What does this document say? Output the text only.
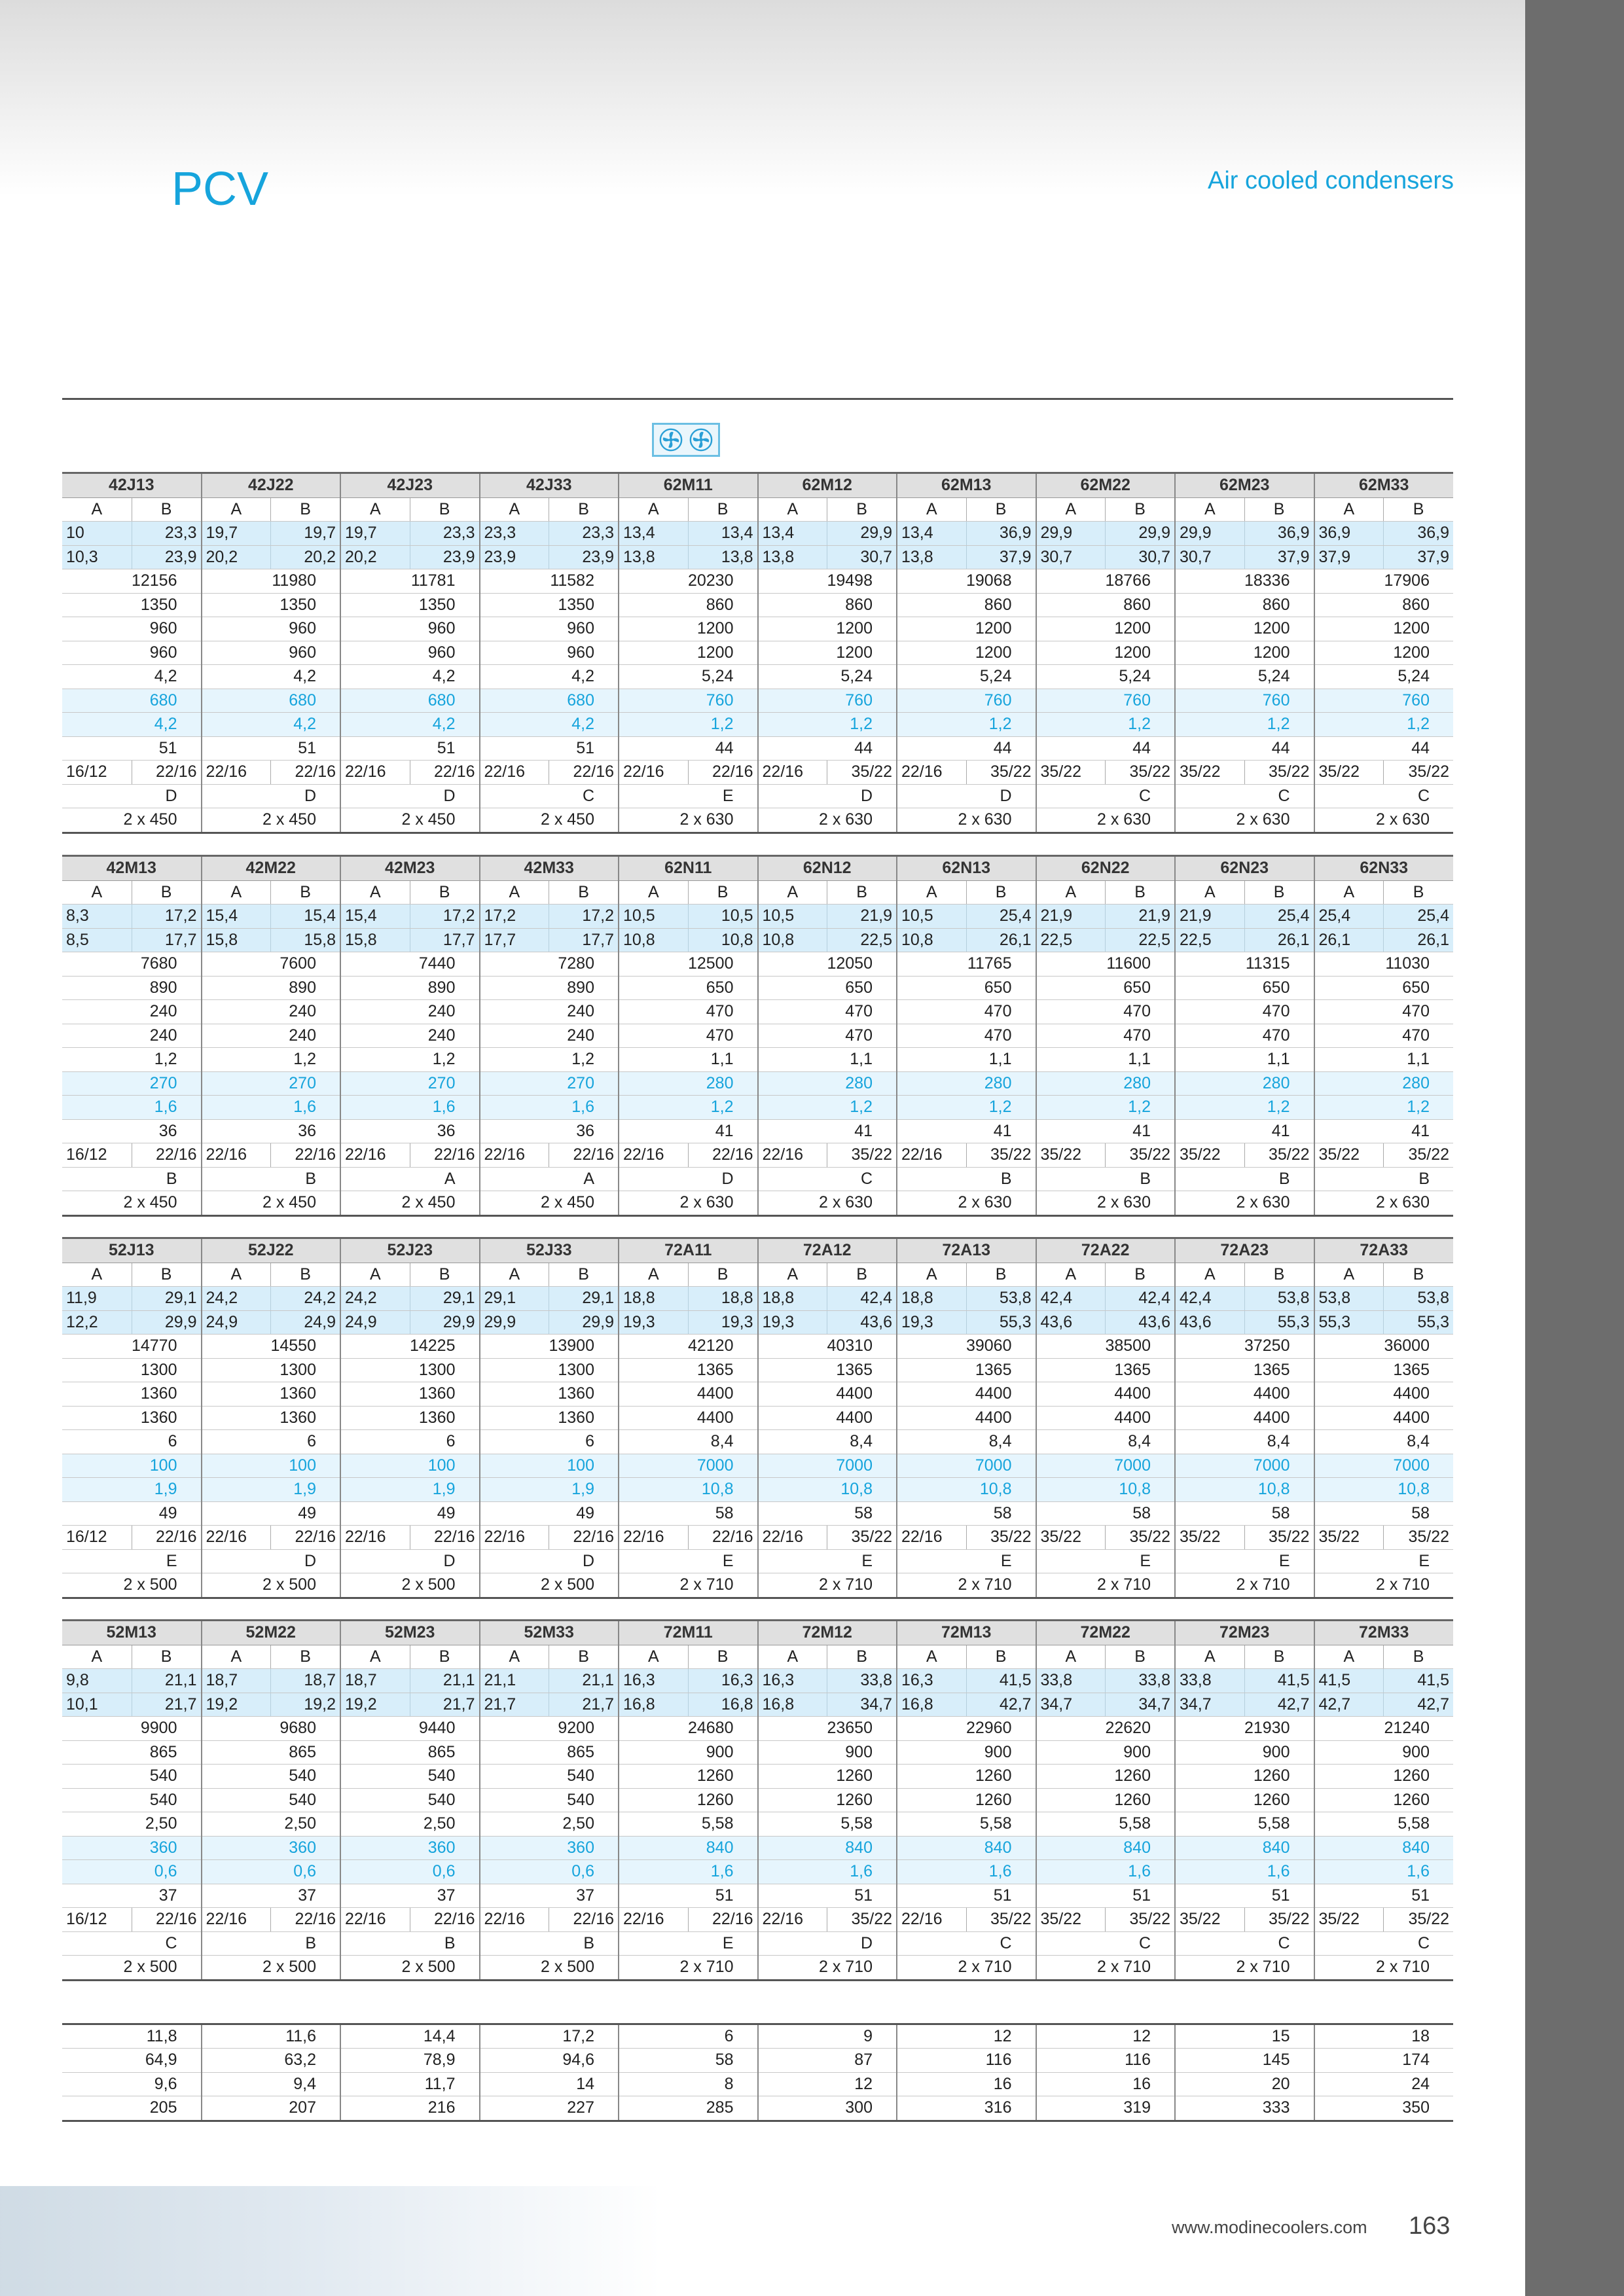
PCV	Air cooled condensers
42J13		42J22		42J23		42J33		62M11		62M12		62M13		62M22		62M23		62M33	
A	B	A	B	A	B	A	B	A	B	A	B	A	B	A	B	A	B	A	B
10	23,3	19,7	19,7	19,7	23,3	23,3	23,3	13,4	13,4	13,4	29,9	13,4	36,9	29,9	29,9	29,9	36,9	36,9	36,9
10,3	23,9	20,2	20,2	20,2	23,9	23,9	23,9	13,8	13,8	13,8	30,7	13,8	37,9	30,7	30,7	30,7	37,9	37,9	37,9
12156		11980		11781		11582		20230		19498		19068		18766		18336		17906	
1350		1350		1350		1350		860		860		860		860		860		860	
960		960		960		960		1200		1200		1200		1200		1200		1200	
960		960		960		960		1200		1200		1200		1200		1200		1200	
4,2		4,2		4,2		4,2		5,24		5,24		5,24		5,24		5,24		5,24	
680		680		680		680		760		760		760		760		760		760	
4,2		4,2		4,2		4,2		1,2		1,2		1,2		1,2		1,2		1,2	
51		51		51		51		44		44		44		44		44		44	
16/12	22/16	22/16	22/16	22/16	22/16	22/16	22/16	22/16	22/16	22/16	35/22	22/16	35/22	35/22	35/22	35/22	35/22	35/22	35/22
D		D		D		C		E		D		D		C		C		C	
2 x 450		2 x 450		2 x 450		2 x 450		2 x 630		2 x 630		2 x 630		2 x 630		2 x 630		2 x 630	
42M13		42M22		42M23		42M33		62N11		62N12		62N13		62N22		62N23		62N33	
A	B	A	B	A	B	A	B	A	B	A	B	A	B	A	B	A	B	A	B
8,3	17,2	15,4	15,4	15,4	17,2	17,2	17,2	10,5	10,5	10,5	21,9	10,5	25,4	21,9	21,9	21,9	25,4	25,4	25,4
8,5	17,7	15,8	15,8	15,8	17,7	17,7	17,7	10,8	10,8	10,8	22,5	10,8	26,1	22,5	22,5	22,5	26,1	26,1	26,1
7680		7600		7440		7280		12500		12050		11765		11600		11315		11030	
890		890		890		890		650		650		650		650		650		650	
240		240		240		240		470		470		470		470		470		470	
240		240		240		240		470		470		470		470		470		470	
1,2		1,2		1,2		1,2		1,1		1,1		1,1		1,1		1,1		1,1	
270		270		270		270		280		280		280		280		280		280	
1,6		1,6		1,6		1,6		1,2		1,2		1,2		1,2		1,2		1,2	
36		36		36		36		41		41		41		41		41		41	
16/12	22/16	22/16	22/16	22/16	22/16	22/16	22/16	22/16	22/16	22/16	35/22	22/16	35/22	35/22	35/22	35/22	35/22	35/22	35/22
B		B		A		A		D		C		B		B		B		B	
2 x 450		2 x 450		2 x 450		2 x 450		2 x 630		2 x 630		2 x 630		2 x 630		2 x 630		2 x 630	
52J13		52J22		52J23		52J33		72A11		72A12		72A13		72A22		72A23		72A33	
A	B	A	B	A	B	A	B	A	B	A	B	A	B	A	B	A	B	A	B
11,9	29,1	24,2	24,2	24,2	29,1	29,1	29,1	18,8	18,8	18,8	42,4	18,8	53,8	42,4	42,4	42,4	53,8	53,8	53,8
12,2	29,9	24,9	24,9	24,9	29,9	29,9	29,9	19,3	19,3	19,3	43,6	19,3	55,3	43,6	43,6	43,6	55,3	55,3	55,3
14770		14550		14225		13900		42120		40310		39060		38500		37250		36000	
1300		1300		1300		1300		1365		1365		1365		1365		1365		1365	
1360		1360		1360		1360		4400		4400		4400		4400		4400		4400	
1360		1360		1360		1360		4400		4400		4400		4400		4400		4400	
6		6		6		6		8,4		8,4		8,4		8,4		8,4		8,4	
100		100		100		100		7000		7000		7000		7000		7000		7000	
1,9		1,9		1,9		1,9		10,8		10,8		10,8		10,8		10,8		10,8	
49		49		49		49		58		58		58		58		58		58	
16/12	22/16	22/16	22/16	22/16	22/16	22/16	22/16	22/16	22/16	22/16	35/22	22/16	35/22	35/22	35/22	35/22	35/22	35/22	35/22
E		D		D		D		E		E		E		E		E		E	
2 x 500		2 x 500		2 x 500		2 x 500		2 x 710		2 x 710		2 x 710		2 x 710		2 x 710		2 x 710	
52M13		52M22		52M23		52M33		72M11		72M12		72M13		72M22		72M23		72M33	
A	B	A	B	A	B	A	B	A	B	A	B	A	B	A	B	A	B	A	B
9,8	21,1	18,7	18,7	18,7	21,1	21,1	21,1	16,3	16,3	16,3	33,8	16,3	41,5	33,8	33,8	33,8	41,5	41,5	41,5
10,1	21,7	19,2	19,2	19,2	21,7	21,7	21,7	16,8	16,8	16,8	34,7	16,8	42,7	34,7	34,7	34,7	42,7	42,7	42,7
9900		9680		9440		9200		24680		23650		22960		22620		21930		21240	
865		865		865		865		900		900		900		900		900		900	
540		540		540		540		1260		1260		1260		1260		1260		1260	
540		540		540		540		1260		1260		1260		1260		1260		1260	
2,50		2,50		2,50		2,50		5,58		5,58		5,58		5,58		5,58		5,58	
360		360		360		360		840		840		840		840		840		840	
0,6		0,6		0,6		0,6		1,6		1,6		1,6		1,6		1,6		1,6	
37		37		37		37		51		51		51		51		51		51	
16/12	22/16	22/16	22/16	22/16	22/16	22/16	22/16	22/16	22/16	22/16	35/22	22/16	35/22	35/22	35/22	35/22	35/22	35/22	35/22
C		B		B		B		E		D		C		C		C		C	
2 x 500		2 x 500		2 x 500		2 x 500		2 x 710		2 x 710		2 x 710		2 x 710		2 x 710		2 x 710	

11,8	11,6	14,4	17,2	6	9	12	12	15	18
64,9	63,2	78,9	94,6	58	87	116	116	145	174
9,6	9,4	11,7	14	8	12	16	16	20	24
205	207	216	227	285	300	316	319	333	350
www.modinecoolers.com 163
